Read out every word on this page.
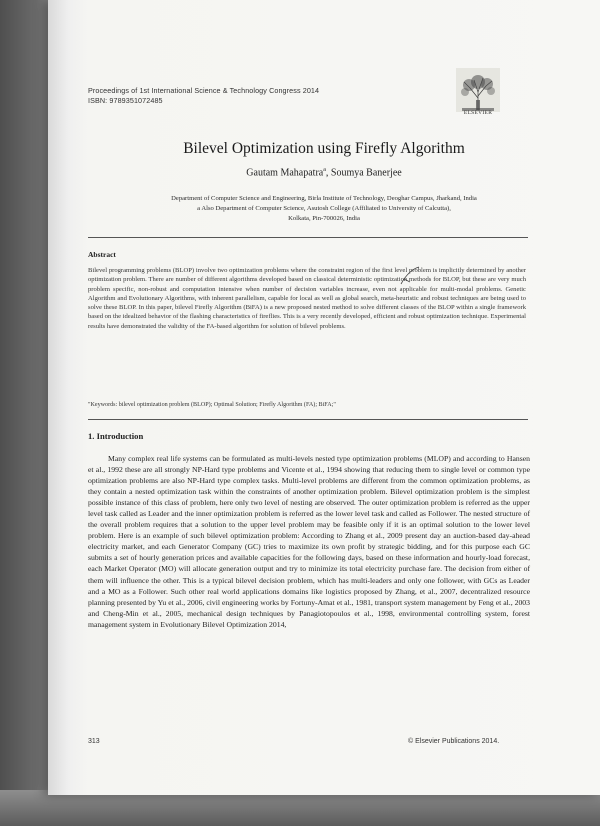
Proceedings of 1st International Science & Technology Congress 2014
ISBN: 9789351072485
ELSEVIER
Bilevel Optimization using Firefly Algorithm
Gautam Mahapatra$^a$, Soumya Banerjee
Department of Computer Science and Engineering, Birla Institute of Technology, Deoghar Campus, Jharkand, India
a Also Department of Computer Science, Asutosh College (Affiliated to University of Calcutta),
Kolkata, Pin-700026, India
Abstract
Bilevel programming problems (BLOP) involve two optimization problems where the constraint region of the first level problem is implicitly determined by another optimization problem. There are number of different algorithms developed based on classical deterministic optimization methods for BLOP, but these are very much problem specific, non-robust and computation intensive when number of decision variables increase, even not applicable for multi-modal problems. Genetic Algorithm and Evolutionary Algorithms, with inherent parallelism, capable for local as well as global search, meta-heuristic and robust techniques are being used to solve these BLOP. In this paper, bilevel Firefly Algorithm (BiFA) is a new proposed nested method to solve different classes of the BLOP within a single framework based on the idealized behavior of the flashing characteristics of fireflies. This is a very recently developed, efficient and robust optimization technique. Experimental results have demonstrated the validity of the FA-based algorithm for solution of bilevel problems.
"Keywords: bilevel optimization problem (BLOP); Optimal Solution; Firefly Algorithm (FA); BiFA;"
1. Introduction

Many complex real life systems can be formulated as multi-levels nested type optimization problems (MLOP) and according to Hansen et al., 1992 these are all strongly NP-Hard type problems and Vicente et al., 1994 showing that reducing them to single level or common type optimization problems are also NP-Hard type complex tasks. Multi-level problems are different from the common optimization problems, as they contain a nested optimization task within the constraints of another optimization problem. Bilevel optimization problem is the simplest possible instance of this class of problem, here only two level of nesting are observed. The outer optimization problem is referred as the upper level task called as Leader and the inner optimization problem is referred as the lower level task and called as Follower. The nested structure of the overall problem requires that a solution to the upper level problem may be feasible only if it is an optimal solution to the lower level problem. Here is an example of such bilevel optimization problem: According to Zhang et al., 2009 present day an auction-based day-ahead electricity market, and each Generator Company (GC) tries to maximize its own profit by strategic bidding, and for this purpose each GC submits a set of hourly generation prices and available capacities for the following days, based on these information and hourly-load forecast, each Market Operator (MO) will allocate generation output and try to minimize its total electricity purchase fare. The decision from either of them will influence the other. This is a typical bilevel decision problem, which has multi-leaders and only one follower, with GCs as Leader and a MO as a Follower. Such other real world applications domains like logistics proposed by Zhang, et al., 2007, decentralized resource planning presented by Yu et al., 2006, civil engineering works by Fortuny-Amat et al., 1981, transport system management by Feng et al., 2003 and Cheng-Min et al., 2005, mechanical design techniques by Panagiotopoulos et al., 1998, environmental controlling system, forest management system in Evolutionary Bilevel Optimization 2014,

313	© Elsevier Publications 2014.
